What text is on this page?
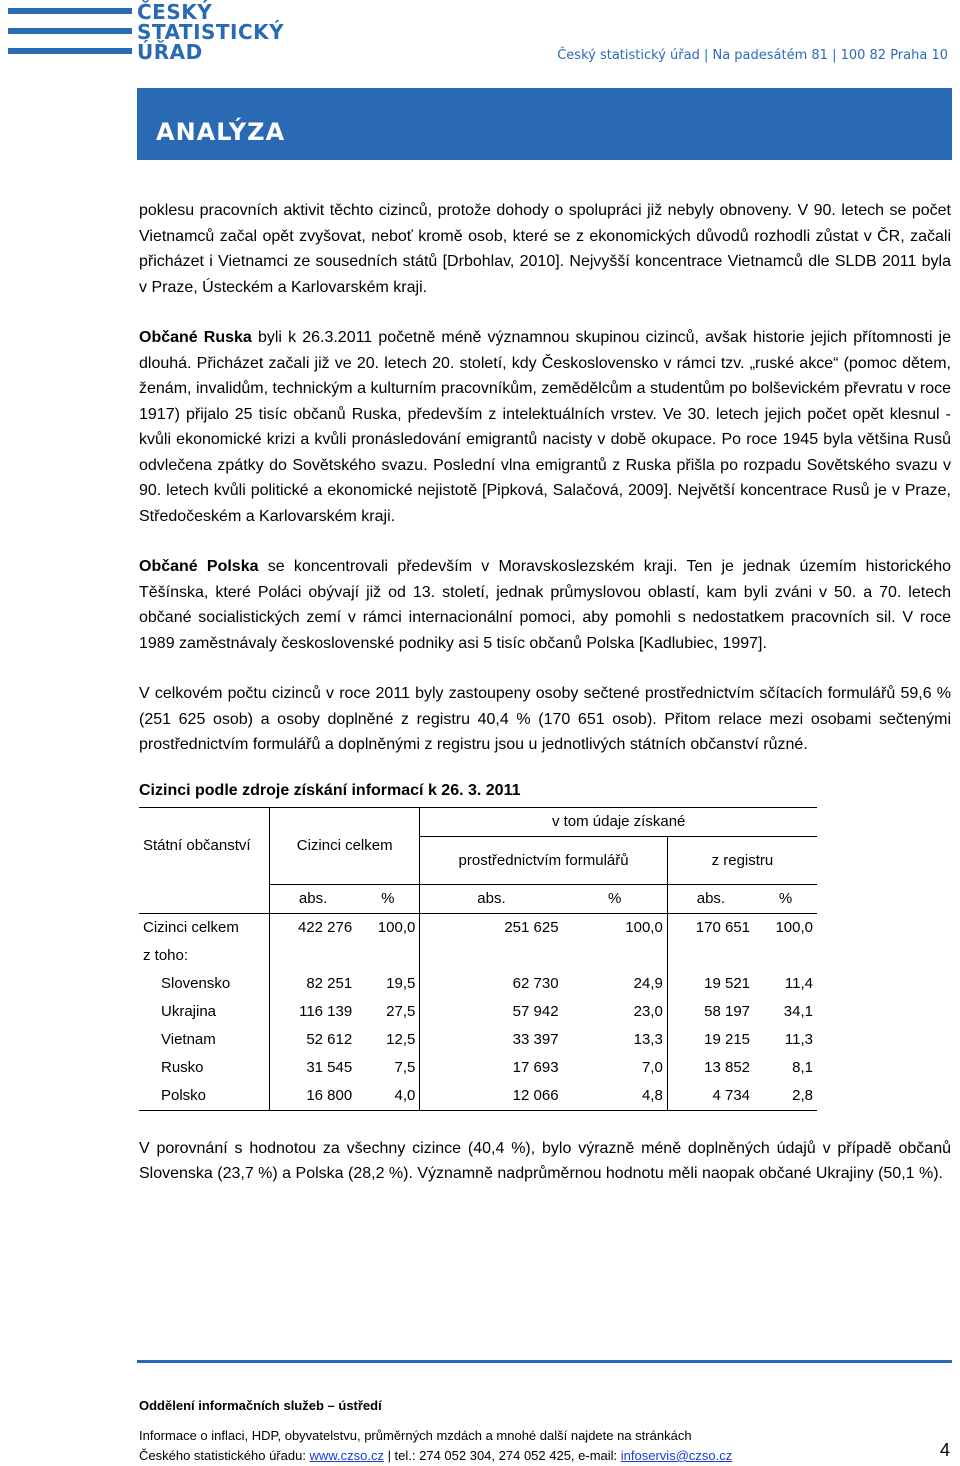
ČESKÝ
STATISTICKÝ
ÚŘAD	Český statistický úřad | Na padesátém 81 | 100 82 Praha 10
ANALÝZA

poklesu pracovních aktivit těchto cizinců, protože dohody o spolupráci již nebyly obnoveny. V 90. letech se počet Vietnamců začal opět zvyšovat, neboť kromě osob, které se z ekonomických důvodů rozhodli zůstat v ČR, začali přicházet i Vietnamci ze sousedních států [Drbohlav, 2010]. Nejvyšší koncentrace Vietnamců dle SLDB 2011 byla v Praze, Ústeckém a Karlovarském kraji.

Občané Ruska byli k 26.3.2011 početně méně významnou skupinou cizinců, avšak historie jejich přítomnosti je dlouhá. Přicházet začali již ve 20. letech 20. století, kdy Československo v rámci tzv. „ruské akce“ (pomoc dětem, ženám, invalidům, technickým a kulturním pracovníkům, zemědělcům a studentům po bolševickém převratu v roce 1917) přijalo 25 tisíc občanů Ruska, především z intelektuálních vrstev. Ve 30. letech jejich počet opět klesnul - kvůli ekonomické krizi a kvůli pronásledování emigrantů nacisty v době okupace. Po roce 1945 byla většina Rusů odvlečena zpátky do Sovětského svazu. Poslední vlna emigrantů z Ruska přišla po rozpadu Sovětského svazu v 90. letech kvůli politické a ekonomické nejistotě [Pipková, Salačová, 2009]. Největší koncentrace Rusů je v Praze, Středočeském a Karlovarském kraji.

Občané Polska se koncentrovali především v Moravskoslezském kraji. Ten je jednak územím historického Těšínska, které Poláci obývají již od 13. století, jednak průmyslovou oblastí, kam byli zváni v 50. a 70. letech občané socialistických zemí v rámci internacionální pomoci, aby pomohli s nedostatkem pracovních sil. V roce 1989 zaměstnávaly československé podniky asi 5 tisíc občanů Polska [Kadlubiec, 1997].

V celkovém počtu cizinců v roce 2011 byly zastoupeny osoby sečtené prostřednictvím sčítacích formulářů 59,6 % (251 625 osob) a osoby doplněné z registru 40,4 % (170 651 osob). Přitom relace mezi osobami sečtenými prostřednictvím formulářů a doplněnými z registru jsou u jednotlivých státních občanství různé.

Cizinci podle zdroje získání informací k 26. 3. 2011
Státní občanství	Cizinci celkem		v tom údaje získané			
			prostřednictvím formulářů		z registru	
	abs.	%	abs.	%	abs.	%
Cizinci celkem	422 276	100,0	251 625	100,0	170 651	100,0
z toho:						
Slovensko	82 251	19,5	62 730	24,9	19 521	11,4
Ukrajina	116 139	27,5	57 942	23,0	58 197	34,1
Vietnam	52 612	12,5	33 397	13,3	19 215	11,3
Rusko	31 545	7,5	17 693	7,0	13 852	8,1
Polsko	16 800	4,0	12 066	4,8	4 734	2,8

V porovnání s hodnotou za všechny cizince (40,4 %), bylo výrazně méně doplněných údajů v případě občanů Slovenska (23,7 %) a Polska (28,2 %). Významně nadprůměrnou hodnotu měli naopak občané Ukrajiny (50,1 %).

Oddělení informačních služeb – ústředí
Informace o inflaci, HDP, obyvatelstvu, průměrných mzdách a mnohé další najdete na stránkách
Českého statistického úřadu: www.czso.cz | tel.: 274 052 304, 274 052 425, e-mail: infoservis@czso.cz	4
